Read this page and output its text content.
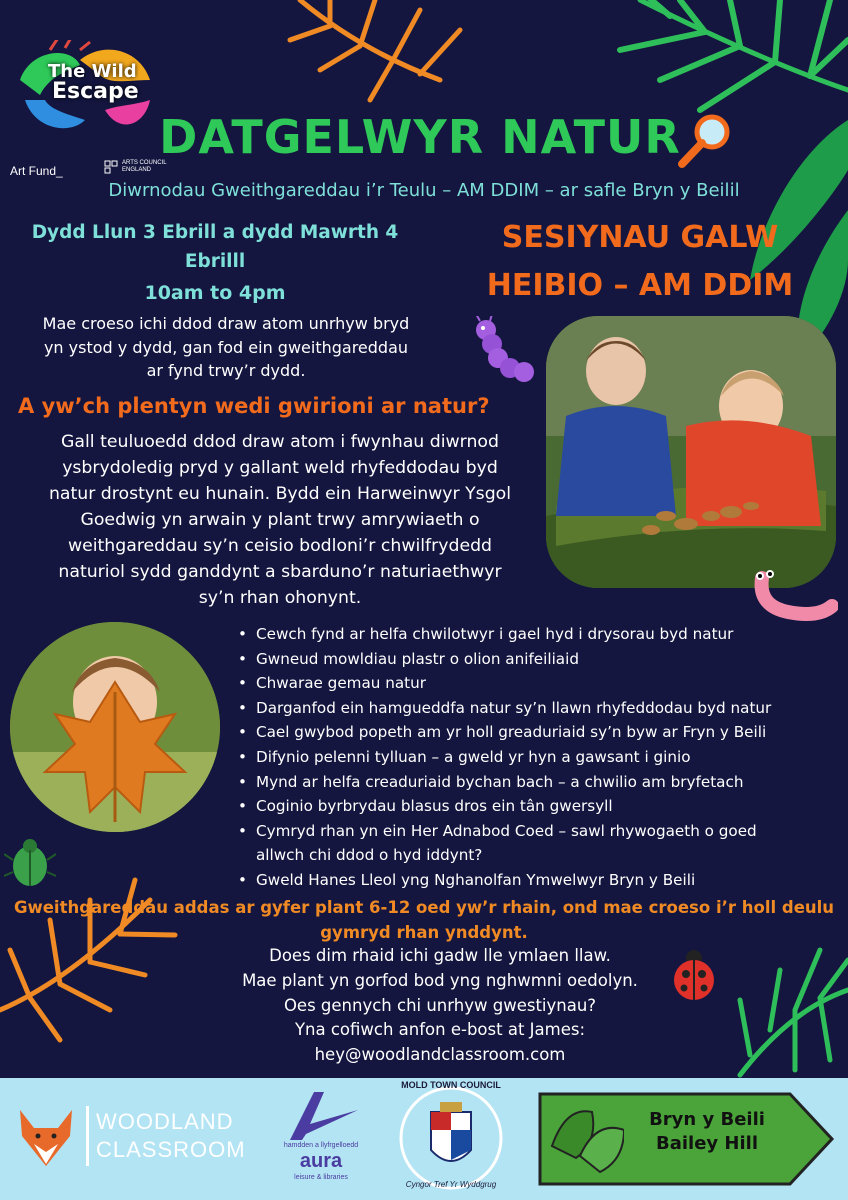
The Wild
Escape
Art Fund_
ARTS COUNCIL
ENGLAND
DATGELWYR NATUR
Diwrnodau Gweithgareddau i’r Teulu – AM DDIM – ar safle Bryn y Beilil
Dydd Llun 3 Ebrill a dydd Mawrth 4
Ebrilll
10am to 4pm
SESIYNAU GALW
HEIBIO – AM DDIM
Mae croeso ichi ddod draw atom unrhyw bryd
yn ystod y dydd, gan fod ein gweithgareddau
ar fynd trwy’r dydd.
A yw’ch plentyn wedi gwirioni ar natur?
Gall teuluoedd ddod draw atom i fwynhau diwrnod
ysbrydoledig pryd y gallant weld rhyfeddodau byd
natur drostynt eu hunain. Bydd ein Harweinwyr Ysgol
Goedwig yn arwain y plant trwy amrywiaeth o
weithgareddau sy’n ceisio bodloni’r chwilfrydedd
naturiol sydd ganddynt a sbarduno’r naturiaethwyr
sy’n rhan ohonynt.
• Cewch fynd ar helfa chwilotwyr i gael hyd i drysorau byd natur
• Gwneud mowldiau plastr o olion anifeiliaid
• Chwarae gemau natur
• Darganfod ein hamgueddfa natur sy’n llawn rhyfeddodau byd natur
• Cael gwybod popeth am yr holl greaduriaid sy’n byw ar Fryn y Beili
• Difynio pelenni tylluan – a gweld yr hyn a gawsant i ginio
• Mynd ar helfa creaduriaid bychan bach – a chwilio am bryfetach
• Coginio byrbrydau blasus dros ein tân gwersyll
• Cymryd rhan yn ein Her Adnabod Coed – sawl rhywogaeth o goed
allwch chi ddod o hyd iddynt?
• Gweld Hanes Lleol yng Nghanolfan Ymwelwyr Bryn y Beili
Gweithgareddau addas ar gyfer plant 6-12 oed yw’r rhain, ond mae croeso i’r holl deulu
gymryd rhan ynddynt.
Does dim rhaid ichi gadw lle ymlaen llaw.
Mae plant yn gorfod bod yng nghwmni oedolyn.
Oes gennych chi unrhyw gwestiynau?
Yna cofiwch anfon e-bost at James:
hey@woodlandclassroom.com
WOODLAND
CLASSROOM	hamdden a llyfrgelloedd
aura
leisure & libraries
MOLD TOWN COUNCIL
Cyngor Tref Yr Wyddgrug
Bryn y Beili
Bailey Hill
